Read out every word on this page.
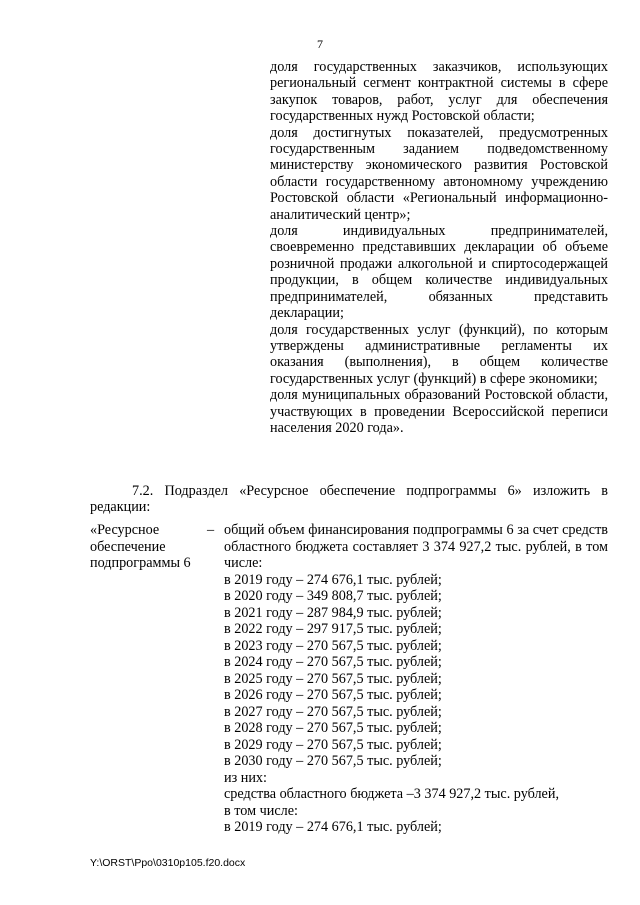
7

доля государственных заказчиков, использующих региональный сегмент контрактной системы в сфере закупок товаров, работ, услуг для обеспечения государственных нужд Ростовской области;

доля достигнутых показателей, предусмотренных государственным заданием подведомственному министерству экономического развития Ростовской области государственному автономному учреждению Ростовской области «Региональный информационно-аналитический центр»;

доля индивидуальных предпринимателей, своевременно представивших декларации об объеме розничной продажи алкогольной и спиртосодержащей продукции, в общем количестве индивидуальных предпринимателей, обязанных представить декларации;

доля государственных услуг (функций), по которым утверждены административные регламенты их оказания (выполнения), в общем количестве государственных услуг (функций) в сфере экономики;

доля муниципальных образований Ростовской области, участвующих в проведении Всероссийской переписи населения 2020 года».

7.2. Подраздел «Ресурсное обеспечение подпрограммы 6» изложить в редакции:

«Ресурсное обеспечение подпрограммы 6
– общий объем финансирования подпрограммы 6 за счет средств областного бюджета составляет 3 374 927,2 тыс. рублей, в том числе:

в 2019 году – 274 676,1 тыс. рублей;

в 2020 году – 349 808,7 тыс. рублей;

в 2021 году – 287 984,9 тыс. рублей;

в 2022 году – 297 917,5 тыс. рублей;

в 2023 году – 270 567,5 тыс. рублей;

в 2024 году – 270 567,5 тыс. рублей;

в 2025 году – 270 567,5 тыс. рублей;

в 2026 году – 270 567,5 тыс. рублей;

в 2027 году – 270 567,5 тыс. рублей;

в 2028 году – 270 567,5 тыс. рублей;

в 2029 году – 270 567,5 тыс. рублей;

в 2030 году – 270 567,5 тыс. рублей;

из них:

средства областного бюджета –3 374 927,2 тыс. рублей,

в том числе:

в 2019 году – 274 676,1 тыс. рублей;

Y:\ORST\Ppo\0310p105.f20.docx
